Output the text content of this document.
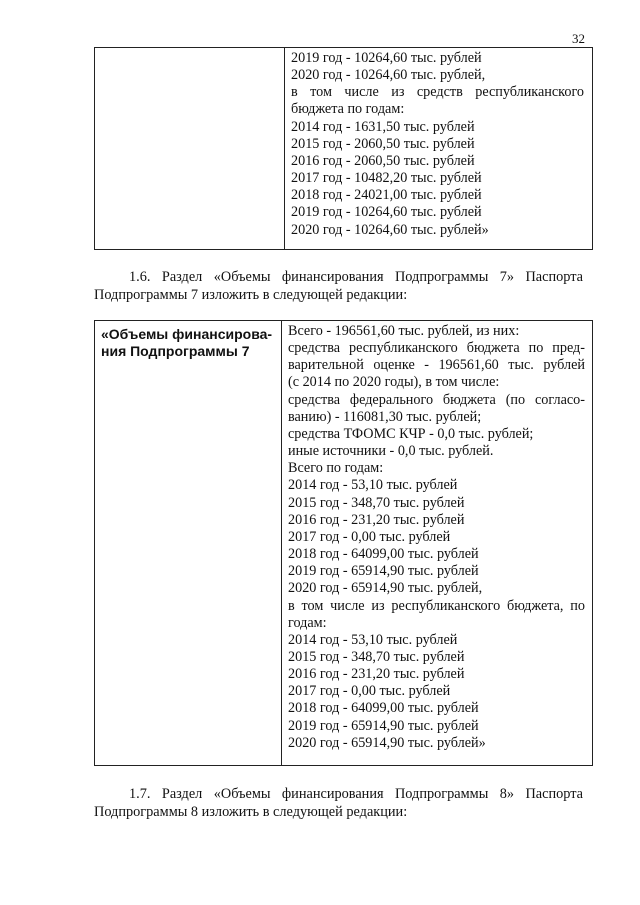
32
2019 год - 10264,60 тыс. рублей
2020 год - 10264,60 тыс. рублей,
в том числе из средств республиканского
бюджета по годам:
2014 год - 1631,50 тыс. рублей
2015 год - 2060,50 тыс. рублей
2016 год - 2060,50 тыс. рублей
2017 год - 10482,20 тыс. рублей
2018 год - 24021,00 тыс. рублей
2019 год - 10264,60 тыс. рублей
2020 год - 10264,60 тыс. рублей»
1.6. Раздел «Объемы финансирования Подпрограммы 7» Паспорта
Подпрограммы 7 изложить в следующей редакции:
«Объемы финансирова-
ния Подпрограммы 7
Всего - 196561,60 тыс. рублей, из них:
средства республиканского бюджета по пред-
варительной оценке - 196561,60 тыс. рублей
(с 2014 по 2020 годы), в том числе:
средства федерального бюджета (по согласо-
ванию) - 116081,30 тыс. рублей;
средства ТФОМС КЧР - 0,0 тыс. рублей;
иные источники - 0,0 тыс. рублей.
Всего по годам:
2014 год - 53,10 тыс. рублей
2015 год - 348,70 тыс. рублей
2016 год - 231,20 тыс. рублей
2017 год - 0,00 тыс. рублей
2018 год - 64099,00 тыс. рублей
2019 год - 65914,90 тыс. рублей
2020 год - 65914,90 тыс. рублей,
в том числе из республиканского бюджета, по
годам:
2014 год - 53,10 тыс. рублей
2015 год - 348,70 тыс. рублей
2016 год - 231,20 тыс. рублей
2017 год - 0,00 тыс. рублей
2018 год - 64099,00 тыс. рублей
2019 год - 65914,90 тыс. рублей
2020 год - 65914,90 тыс. рублей»
1.7. Раздел «Объемы финансирования Подпрограммы 8» Паспорта
Подпрограммы 8 изложить в следующей редакции:
